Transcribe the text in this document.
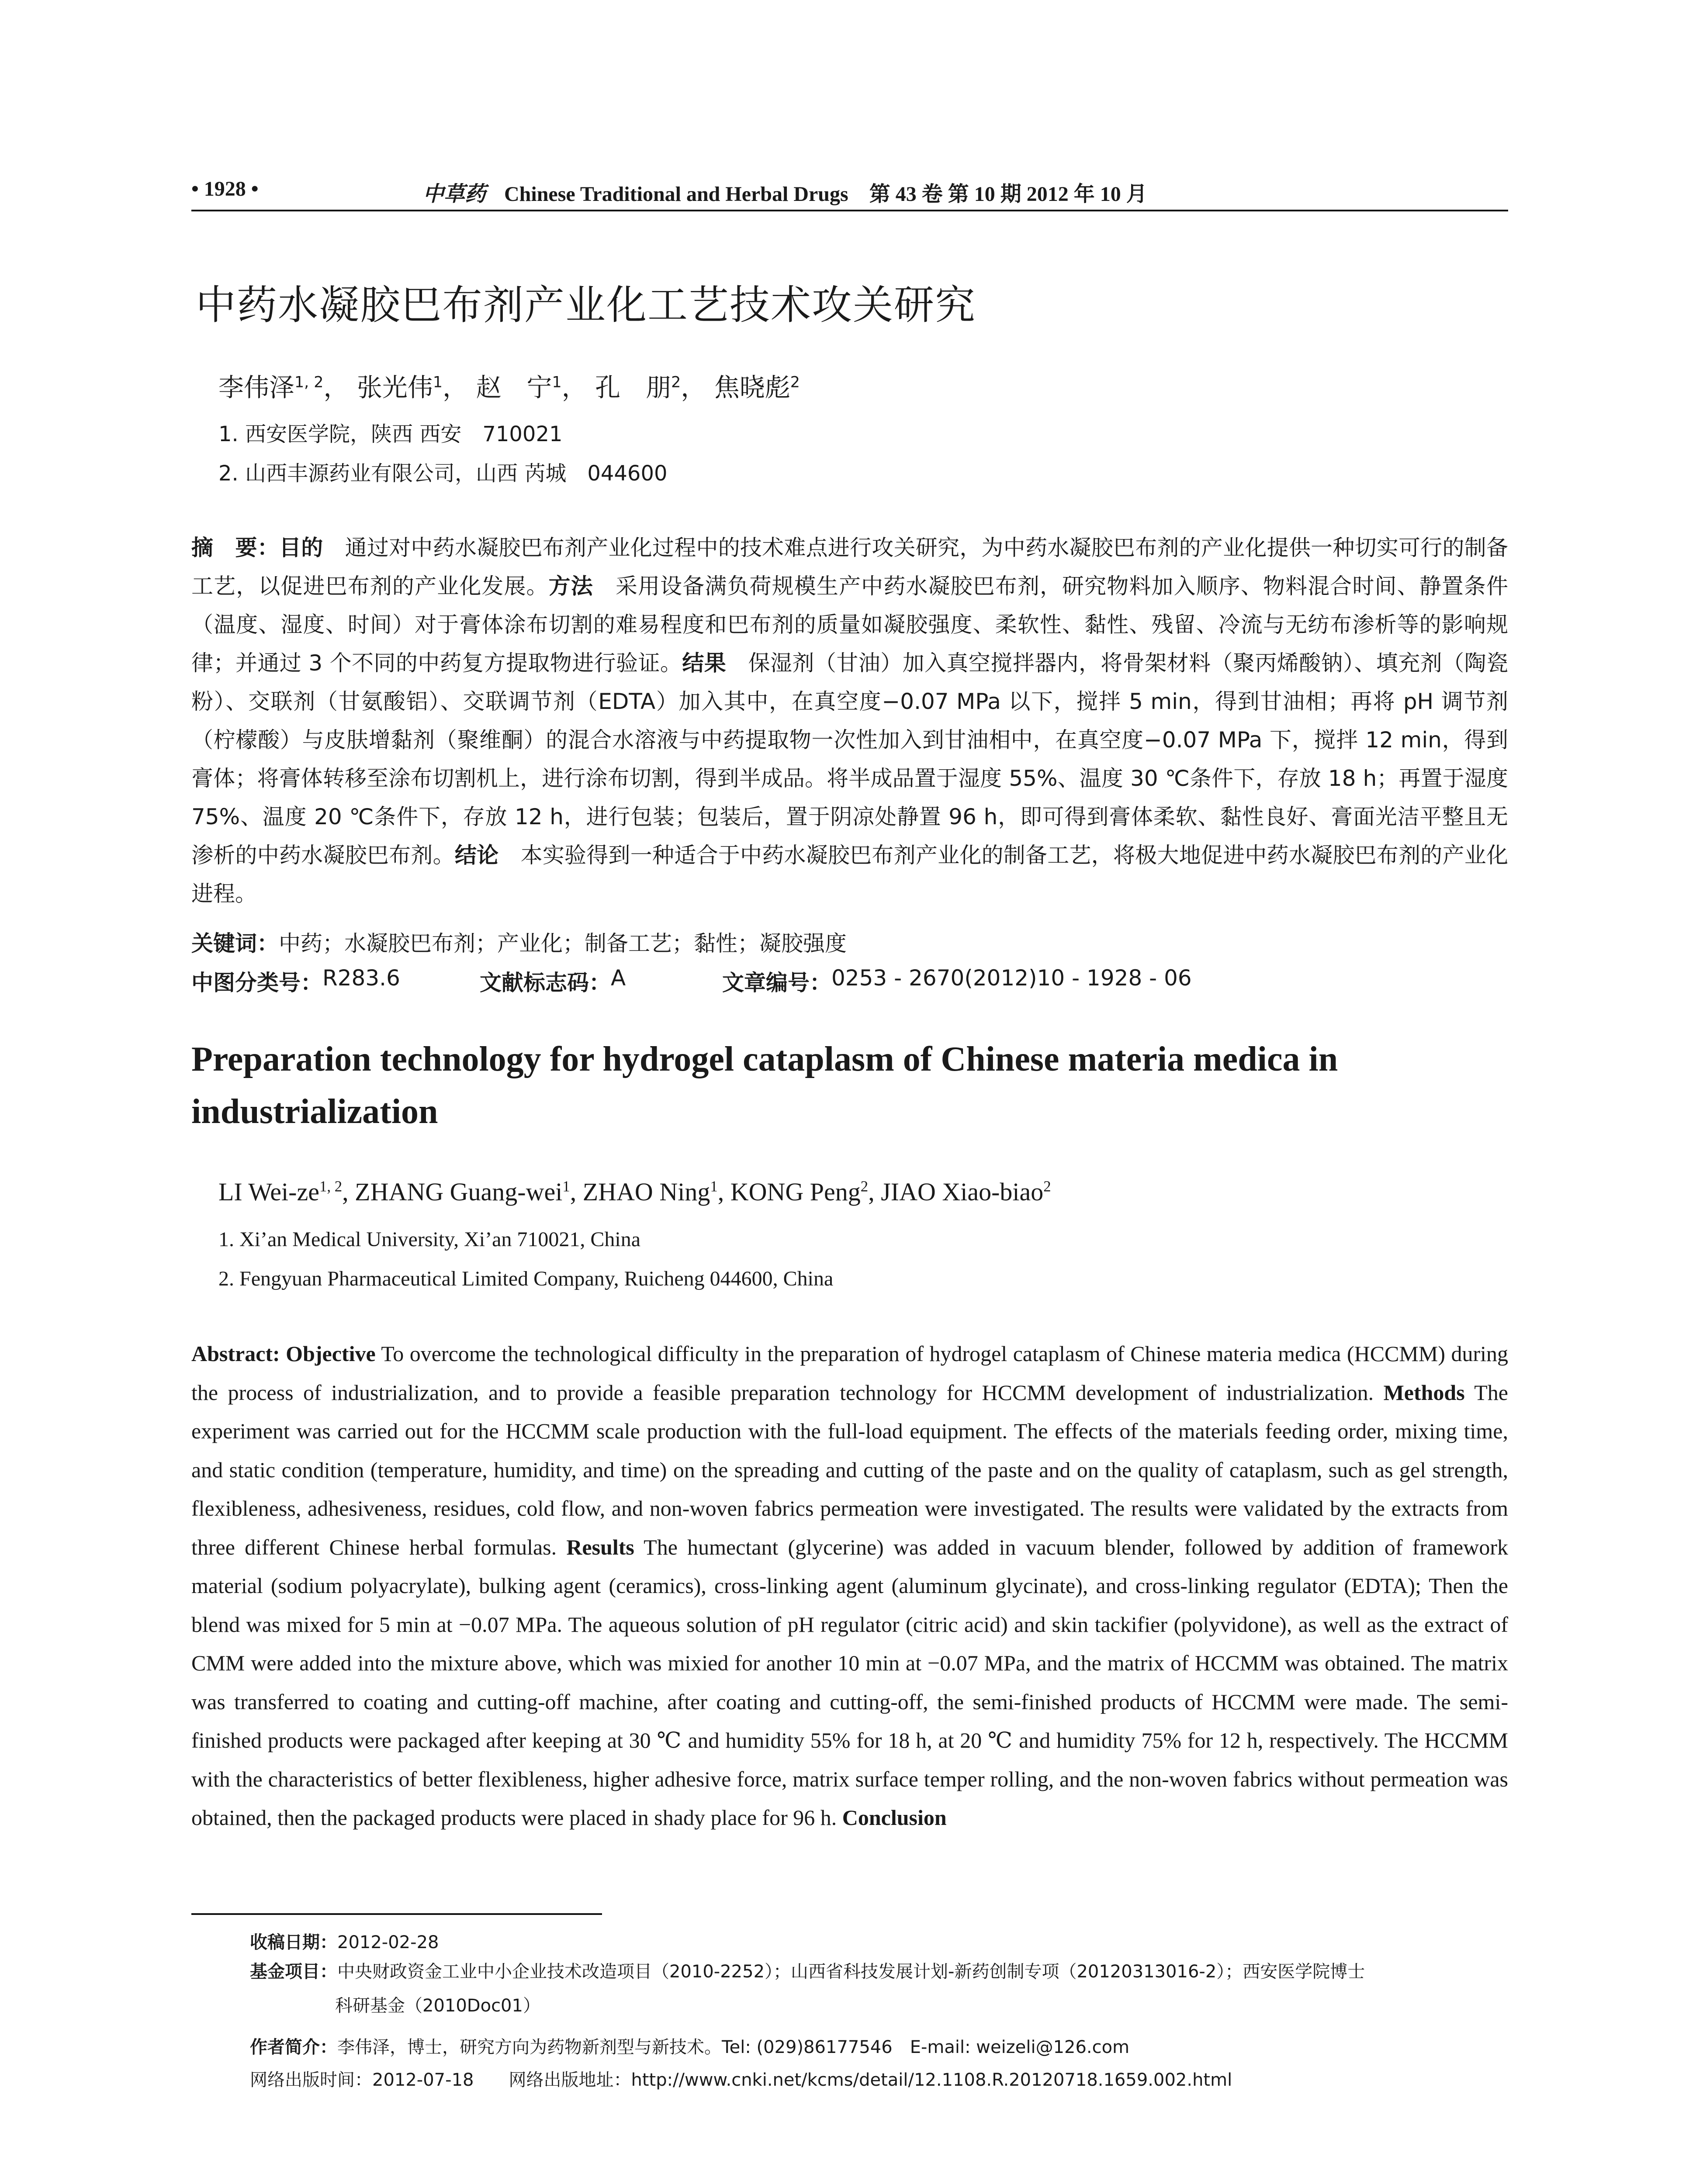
• 1928 •	中草药 Chinese Traditional and Herbal Drugs 第 43 卷 第 10 期 2012 年 10 月
中药水凝胶巴布剂产业化工艺技术攻关研究
李伟泽$^{1, 2}$， 张光伟$^1$， 赵　宁$^1$， 孔　朋$^2$， 焦晓彪$^2$
1. 西安医学院，陕西 西安　710021
2. 山西丰源药业有限公司，山西 芮城　044600
摘　要：目的　通过对中药水凝胶巴布剂产业化过程中的技术难点进行攻关研究，为中药水凝胶巴布剂的产业化提供一种切实可行的制备工艺，以促进巴布剂的产业化发展。方法　采用设备满负荷规模生产中药水凝胶巴布剂，研究物料加入顺序、物料混合时间、静置条件（温度、湿度、时间）对于膏体涂布切割的难易程度和巴布剂的质量如凝胶强度、柔软性、黏性、残留、冷流与无纺布渗析等的影响规律；并通过 3 个不同的中药复方提取物进行验证。结果　保湿剂（甘油）加入真空搅拌器内，将骨架材料（聚丙烯酸钠）、填充剂（陶瓷粉）、交联剂（甘氨酸铝）、交联调节剂（EDTA）加入其中，在真空度−0.07 MPa 以下，搅拌 5 min，得到甘油相；再将 pH 调节剂（柠檬酸）与皮肤增黏剂（聚维酮）的混合水溶液与中药提取物一次性加入到甘油相中，在真空度−0.07 MPa 下，搅拌 12 min，得到膏体；将膏体转移至涂布切割机上，进行涂布切割，得到半成品。将半成品置于湿度 55%、温度 30 ℃条件下，存放 18 h；再置于湿度 75%、温度 20 ℃条件下，存放 12 h，进行包装；包装后，置于阴凉处静置 96 h，即可得到膏体柔软、黏性良好、膏面光洁平整且无渗析的中药水凝胶巴布剂。结论　本实验得到一种适合于中药水凝胶巴布剂产业化的制备工艺，将极大地促进中药水凝胶巴布剂的产业化进程。
关键词：中药；水凝胶巴布剂；产业化；制备工艺；黏性；凝胶强度
中图分类号： R283.6	文献标志码： A	文章编号： 0253 - 2670(2012)10 - 1928 - 06
Preparation technology for hydrogel cataplasm of Chinese materia medica in industrialization
LI Wei-ze$^{1, 2}$, ZHANG Guang-wei$^1$, ZHAO Ning$^1$, KONG Peng$^2$, JIAO Xiao-biao$^2$
1. Xi’an Medical University, Xi’an 710021, China
2. Fengyuan Pharmaceutical Limited Company, Ruicheng 044600, China
Abstract: Objective To overcome the technological difficulty in the preparation of hydrogel cataplasm of Chinese materia medica (HCCMM) during the process of industrialization, and to provide a feasible preparation technology for HCCMM development of industrialization. Methods The experiment was carried out for the HCCMM scale production with the full-load equipment. The effects of the materials feeding order, mixing time, and static condition (temperature, humidity, and time) on the spreading and cutting of the paste and on the quality of cataplasm, such as gel strength, flexibleness, adhesiveness, residues, cold flow, and non-woven fabrics permeation were investigated. The results were validated by the extracts from three different Chinese herbal formulas. Results The humectant (glycerine) was added in vacuum blender, followed by addition of framework material (sodium polyacrylate), bulking agent (ceramics), cross-linking agent (aluminum glycinate), and cross-linking regulator (EDTA); Then the blend was mixed for 5 min at −0.07 MPa. The aqueous solution of pH regulator (citric acid) and skin tackifier (polyvidone), as well as the extract of CMM were added into the mixture above, which was mixied for another 10 min at −0.07 MPa, and the matrix of HCCMM was obtained. The matrix was transferred to coating and cutting-off machine, after coating and cutting-off, the semi-finished products of HCCMM were made. The semi-finished products were packaged after keeping at 30 ℃ and humidity 55% for 18 h, at 20 ℃ and humidity 75% for 12 h, respectively. The HCCMM with the characteristics of better flexibleness, higher adhesive force, matrix surface temper rolling, and the non-woven fabrics without permeation was obtained, then the packaged products were placed in shady place for 96 h. Conclusion
收稿日期：2012-02-28
基金项目：中央财政资金工业中小企业技术改造项目（2010-2252）；山西省科技发展计划-新药创制专项（20120313016-2）；西安医学院博士
科研基金（2010Doc01）
作者简介：李伟泽，博士，研究方向为药物新剂型与新技术。Tel: (029)86177546　E-mail: weizeli@126.com
网络出版时间：2012-07-18 网络出版地址：http://www.cnki.net/kcms/detail/12.1108.R.20120718.1659.002.html
